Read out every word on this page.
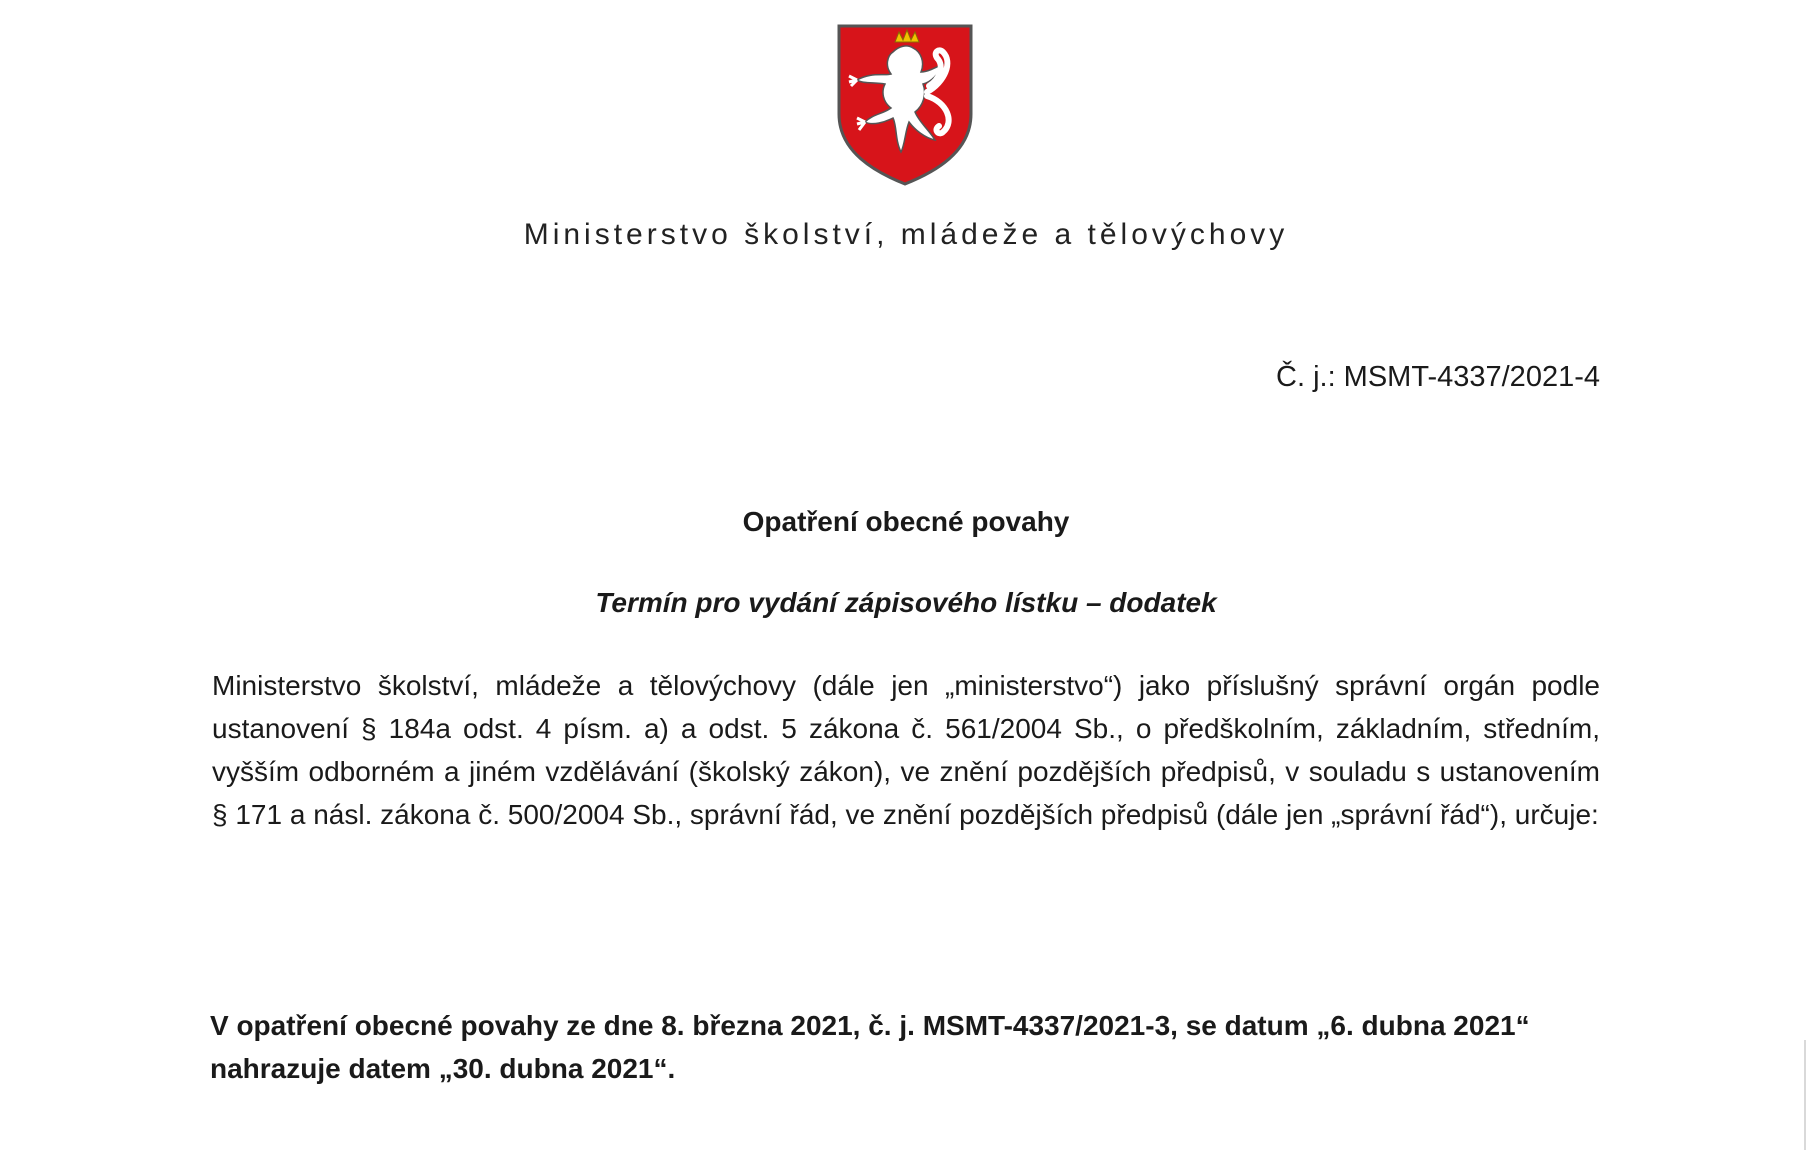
Ministerstvo školství, mládeže a tělovýchovy
Č. j.: MSMT-4337/2021-4
Opatření obecné povahy
Termín pro vydání zápisového lístku – dodatek
Ministerstvo školství, mládeže a tělovýchovy (dále jen „ministerstvo“) jako příslušný správní orgán podle ustanovení § 184a odst. 4 písm. a) a odst. 5 zákona č. 561/2004 Sb., o předškolním, základním, středním, vyšším odborném a jiném vzdělávání (školský zákon), ve znění pozdějších předpisů, v souladu s ustanovením § 171 a násl. zákona č. 500/2004 Sb., správní řád, ve znění pozdějších předpisů (dále jen „správní řád“), určuje:
V opatření obecné povahy ze dne 8. března 2021, č. j. MSMT-4337/2021-3, se datum „6. dubna 2021“ nahrazuje datem „30. dubna 2021“.
